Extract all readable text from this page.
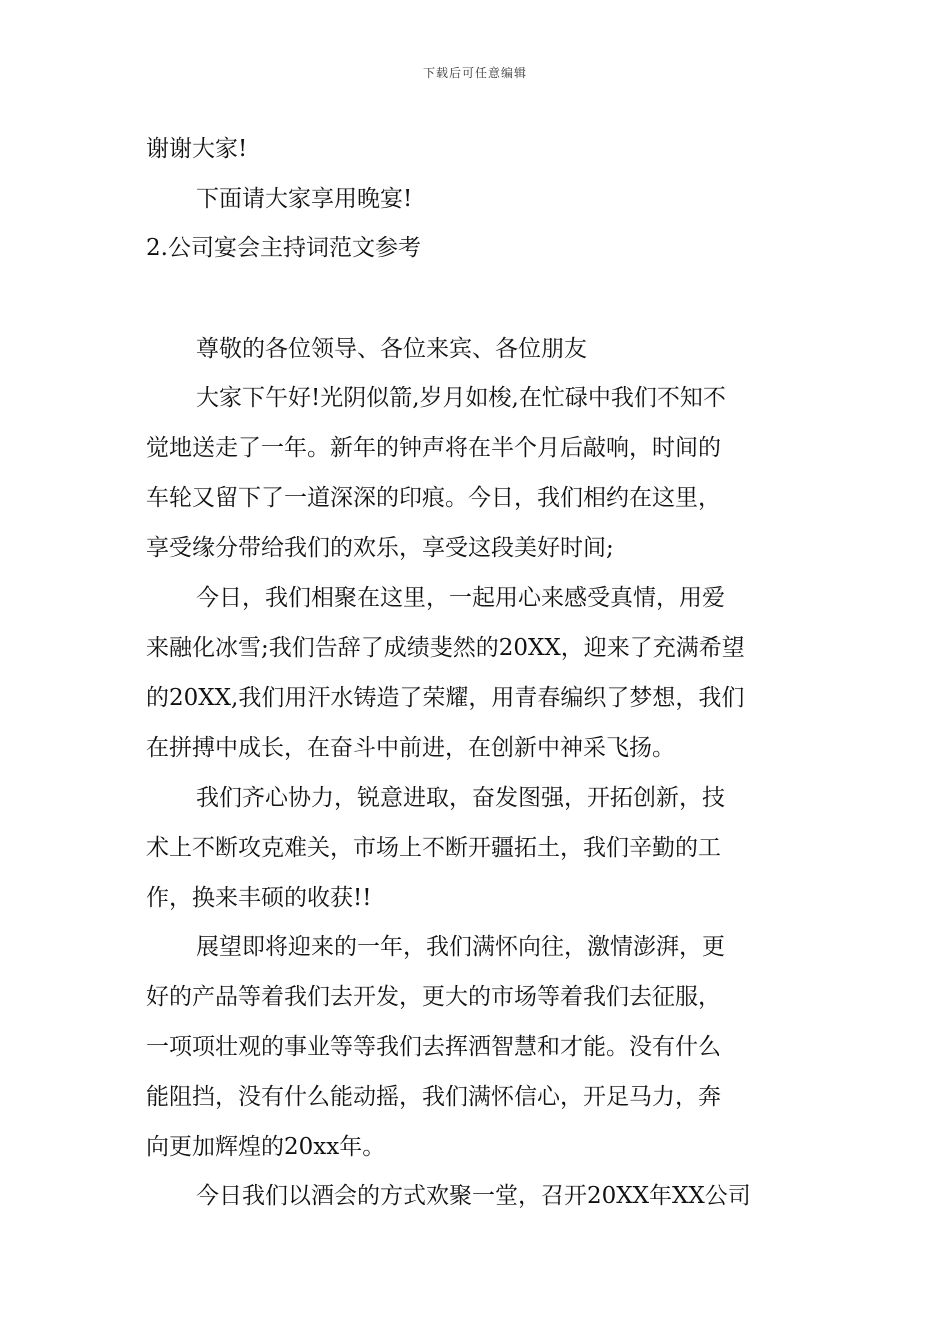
下载后可任意编辑
谢谢大家!
下面请大家享用晚宴!
2.公司宴会主持词范文参考
尊敬的各位领导、各位来宾、各位朋友
大家下午好!光阴似箭,岁月如梭,在忙碌中我们不知不
觉地送走了一年。新年的钟声将在半个月后敲响，时间的
车轮又留下了一道深深的印痕。今日，我们相约在这里，
享受缘分带给我们的欢乐，享受这段美好时间;
今日，我们相聚在这里，一起用心来感受真情，用爱
来融化冰雪;我们告辞了成绩斐然的20XX，迎来了充满希望
的20XX,我们用汗水铸造了荣耀，用青春编织了梦想，我们
在拼搏中成长，在奋斗中前进，在创新中神采飞扬。
我们齐心协力，锐意进取，奋发图强，开拓创新，技
术上不断攻克难关，市场上不断开疆拓土，我们辛勤的工
作，换来丰硕的收获!!
展望即将迎来的一年，我们满怀向往，激情澎湃，更
好的产品等着我们去开发，更大的市场等着我们去征服，
一项项壮观的事业等等我们去挥洒智慧和才能。没有什么
能阻挡，没有什么能动摇，我们满怀信心，开足马力，奔
向更加辉煌的20xx年。
今日我们以酒会的方式欢聚一堂，召开20XX年XX公司
